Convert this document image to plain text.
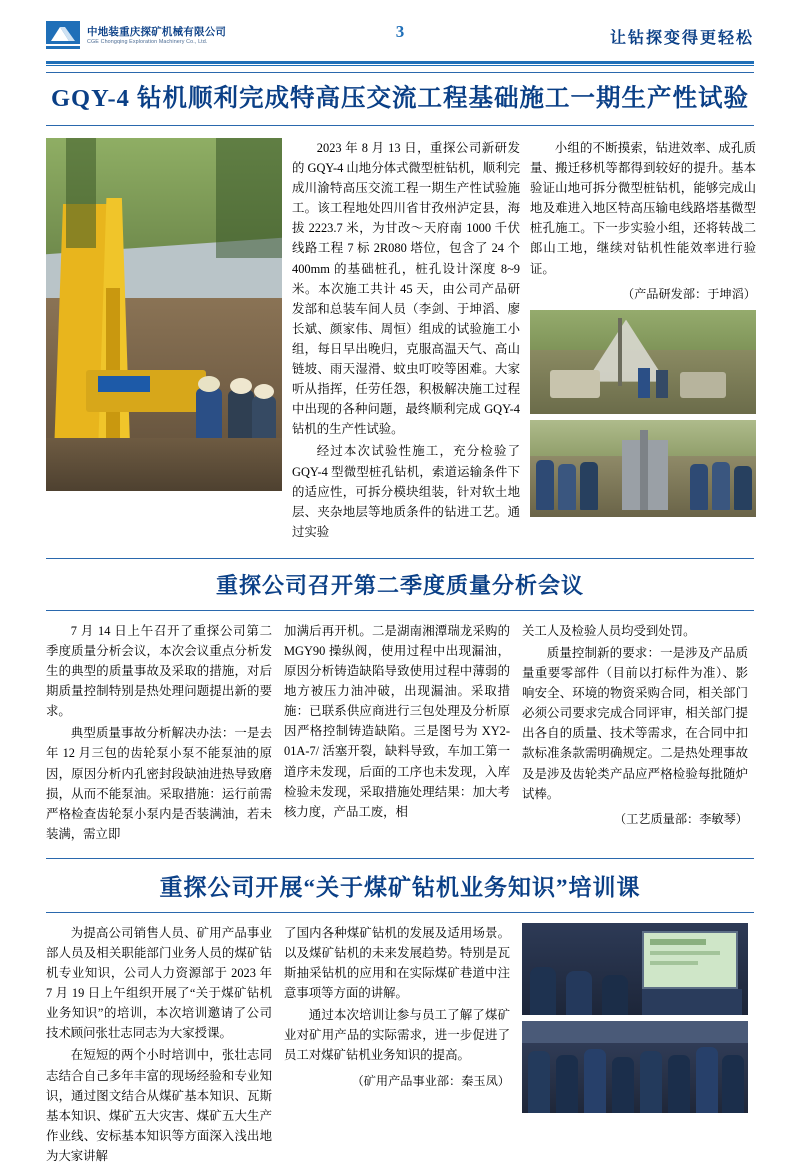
中地装重庆探矿机械有限公司
CGE Chongqing Exploration Machinery Co., Ltd.
3	让钻探变得更轻松
GQY-4 钻机顺利完成特高压交流工程基础施工一期生产性试验

2023 年 8 月 13 日，重探公司新研发的 GQY-4 山地分体式微型桩钻机，顺利完成川渝特高压交流工程一期生产性试验施工。该工程地处四川省甘孜州泸定县，海拔 2223.7 米，为甘改〜天府南 1000 千伏线路工程 7 标 2R080 塔位，包含了 24 个 400mm 的基础桩孔，桩孔设计深度 8~9 米。本次施工共计 45 天，由公司产品研发部和总装车间人员（李剑、于坤滔、廖长斌、颜家伟、周恒）组成的试验施工小组，每日早出晚归，克服高温天气、高山链坡、雨天湿滑、蚊虫叮咬等困难。大家听从指挥，任劳任怨，积极解决施工过程中出现的各种问题，最终顺利完成 GQY-4 钻机的生产性试验。

经过本次试验性施工，充分检验了 GQY-4 型微型桩孔钻机，索道运输条件下的适应性，可拆分模块组装，针对软土地层、夹杂地层等地质条件的钻进工艺。通过实验

小组的不断摸索，钻进效率、成孔质量、搬迁移机等都得到较好的提升。基本验证山地可拆分微型桩钻机，能够完成山地及难进入地区特高压输电线路塔基微型桩孔施工。下一步实验小组，还将转战二郎山工地，继续对钻机性能效率进行验证。

（产品研发部：于坤滔）
重探公司召开第二季度质量分析会议

7 月 14 日上午召开了重探公司第二季度质量分析会议，本次会议重点分析发生的典型的质量事故及采取的措施，对后期质量控制特别是热处理问题提出新的要求。

典型质量事故分析解决办法：一是去年 12 月三包的齿轮泵小泵不能泵油的原因，原因分析内孔密封段缺油进热导致磨损，从而不能泵油。采取措施：运行前需严格检查齿轮泵小泵内是否装满油，若未装满，需立即

加满后再开机。二是湖南湘潭瑞龙采购的 MGY90 操纵阀，使用过程中出现漏油，原因分析铸造缺陷导致使用过程中薄弱的地方被压力油冲破，出现漏油。采取措施：已联系供应商进行三包处理及分析原因严格控制铸造缺陷。三是图号为 XY2-01A-7/ 活塞开裂，缺料导致，车加工第一道序未发现，后面的工序也未发现，入库检验未发现，采取措施处理结果：加大考核力度，产品工废，相

关工人及检验人员均受到处罚。

质量控制新的要求：一是涉及产品质量重要零部件（目前以打标件为准）、影响安全、环境的物资采购合同，相关部门必须公司要求完成合同评审，相关部门提出各自的质量、技术等需求，在合同中扣款标准条款需明确规定。二是热处理事故及是涉及齿轮类产品应严格检验每批随炉试棒。

（工艺质量部：李敏琴）
重探公司开展“关于煤矿钻机业务知识”培训课

为提高公司销售人员、矿用产品事业部人员及相关职能部门业务人员的煤矿钻机专业知识，公司人力资源部于 2023 年 7 月 19 日上午组织开展了“关于煤矿钻机业务知识”的培训，本次培训邀请了公司技术顾问张壮志同志为大家授课。

在短短的两个小时培训中，张壮志同志结合自己多年丰富的现场经验和专业知识，通过图文结合从煤矿基本知识、瓦斯基本知识、煤矿五大灾害、煤矿五大生产作业线、安标基本知识等方面深入浅出地为大家讲解

了国内各种煤矿钻机的发展及适用场景。以及煤矿钻机的未来发展趋势。特别是瓦斯抽采钻机的应用和在实际煤矿巷道中注意事项等方面的讲解。

通过本次培训让参与员工了解了煤矿业对矿用产品的实际需求，进一步促进了员工对煤矿钻机业务知识的提高。

（矿用产品事业部：秦玉凤）
